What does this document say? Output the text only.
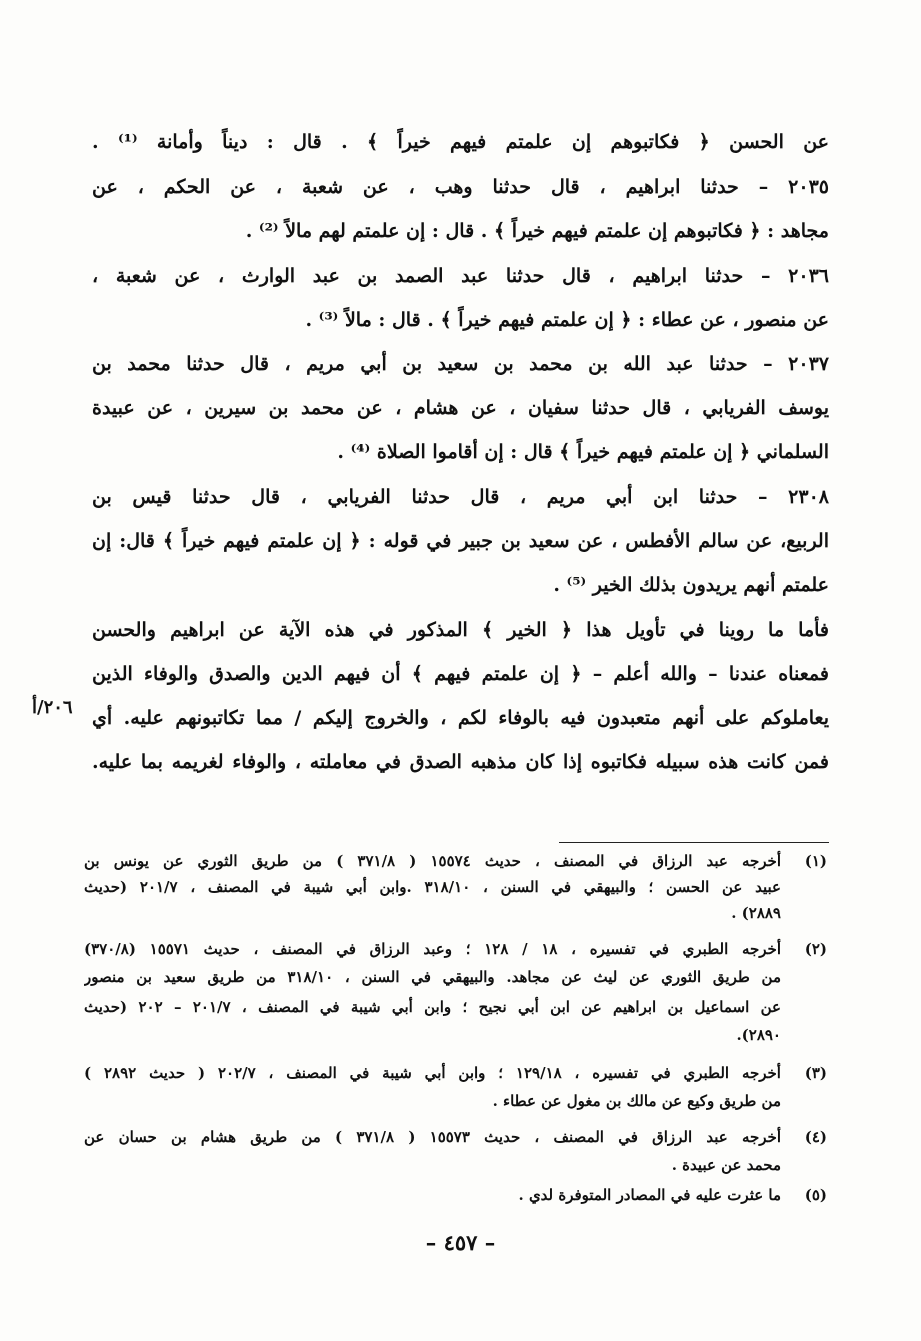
عن الحسن ﴿ فكاتبوهم إن علمتم فيهم خيراً ﴾ . قال : ديناً وأمانة ⁽¹⁾ .
٢٠٣٥ – حدثنا ابراهيم ، قال حدثنا وهب ، عن شعبة ، عن الحكم ، عن
مجاهد : ﴿ فكاتبوهم إن علمتم فيهم خيراً ﴾ . قال : إن علمتم لهم مالاً ⁽²⁾ .
٢٠٣٦ – حدثنا ابراهيم ، قال حدثنا عبد الصمد بن عبد الوارث ، عن شعبة ،
عن منصور ، عن عطاء : ﴿ إن علمتم فيهم خيراً ﴾ . قال : مالاً ⁽³⁾ .
٢٠٣٧ – حدثنا عبد الله بن محمد بن سعيد بن أبي مريم ، قال حدثنا محمد بن
يوسف الفريابي ، قال حدثنا سفيان ، عن هشام ، عن محمد بن سيرين ، عن عبيدة
السلماني ﴿ إن علمتم فيهم خيراً ﴾ قال : إن أقاموا الصلاة ⁽⁴⁾ .
٢٣٠٨ – حدثنا ابن أبي مريم ، قال حدثنا الفريابي ، قال حدثنا قيس بن
الربيع، عن سالم الأفطس ، عن سعيد بن جبير في قوله : ﴿ إن علمتم فيهم خيراً ﴾ قال: إن
علمتم أنهم يريدون بذلك الخير ⁽⁵⁾ .
فأما ما روينا في تأويل هذا ﴿ الخير ﴾ المذكور في هذه الآية عن ابراهيم والحسن
فمعناه عندنا – والله أعلم – ﴿ إن علمتم فيهم ﴾ أن فيهم الدين والصدق والوفاء الذين
يعاملوكم على أنهم متعبدون فيه بالوفاء لكم ، والخروج إليكم / مما تكاتبونهم عليه. أي
فمن كانت هذه سبيله فكاتبوه إذا كان مذهبه الصدق في معاملته ، والوفاء لغريمه بما عليه.
٢٠٦/أ
(١)
أخرجه عبد الرزاق في المصنف ، حديث ١٥٥٧٤ ( ٣٧١/٨ ) من طريق الثوري عن يونس بن
عبيد عن الحسن ؛ والبيهقي في السنن ، ٣١٨/١٠ .وابن أبي شيبة في المصنف ، ٢٠١/٧ (حديث
٢٨٨٩) .
(٢)
أخرجه الطبري في تفسيره ، ١٨ / ١٢٨ ؛ وعبد الرزاق في المصنف ، حديث ١٥٥٧١ (٣٧٠/٨)
من طريق الثوري عن ليث عن مجاهد. والبيهقي في السنن ، ٣١٨/١٠ من طريق سعيد بن منصور
عن اسماعيل بن ابراهيم عن ابن أبي نجيح ؛ وابن أبي شيبة في المصنف ، ٢٠١/٧ – ٢٠٢ (حديث
٢٨٩٠).
(٣)
أخرجه الطبري في تفسيره ، ١٢٩/١٨ ؛ وابن أبي شيبة في المصنف ، ٢٠٢/٧ ( حديث ٢٨٩٢ )
من طريق وكيع عن مالك بن مغول عن عطاء .
(٤)
أخرجه عبد الرزاق في المصنف ، حديث ١٥٥٧٣ ( ٣٧١/٨ ) من طريق هشام بن حسان عن
محمد عن عبيدة .
(٥)
ما عثرت عليه في المصادر المتوفرة لدي .
– ٤٥٧ –
